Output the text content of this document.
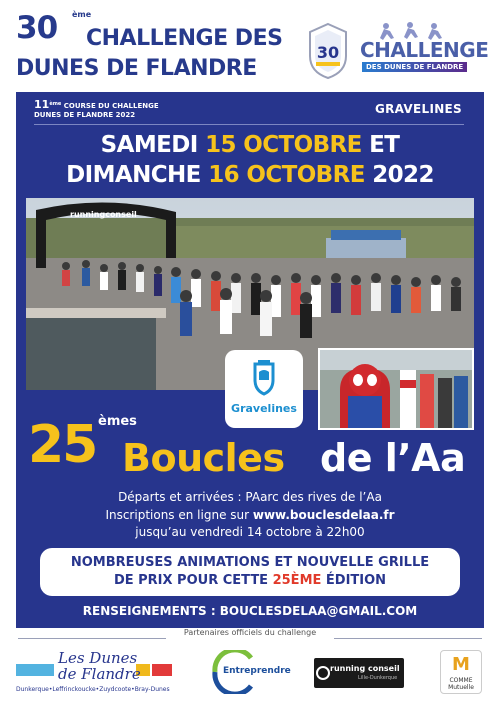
30 ème
CHALLENGE DES
DUNES DE FLANDRE
30 CHALLENGE
DES DUNES DE FLANDRE
11ème COURSE DU CHALLENGE
DUNES DE FLANDRE 2022	GRAVELINES
SAMEDI 15 OCTOBRE ET
DIMANCHE 16 OCTOBRE 2022
runningconseil
Gravelines
25 èmes
Boucles de l’Aa
Départs et arrivées : PAarc des rives de l’Aa
Inscriptions en ligne sur www.bouclesdelaa.fr
jusqu’au vendredi 14 octobre à 22h00
NOMBREUSES ANIMATIONS ET NOUVELLE GRILLE
DE PRIX POUR CETTE 25ÈME ÉDITION
RENSEIGNEMENTS : BOUCLESDELAA@GMAIL.COM
Partenaires officiels du challenge
Les Dunes
de Flandre
Dunkerque•Leffrinckoucke•Zuydcoote•Bray-Dunes
Entreprendre	running conseil
Lille-Dunkerque
M
COMME
Mutuelle
